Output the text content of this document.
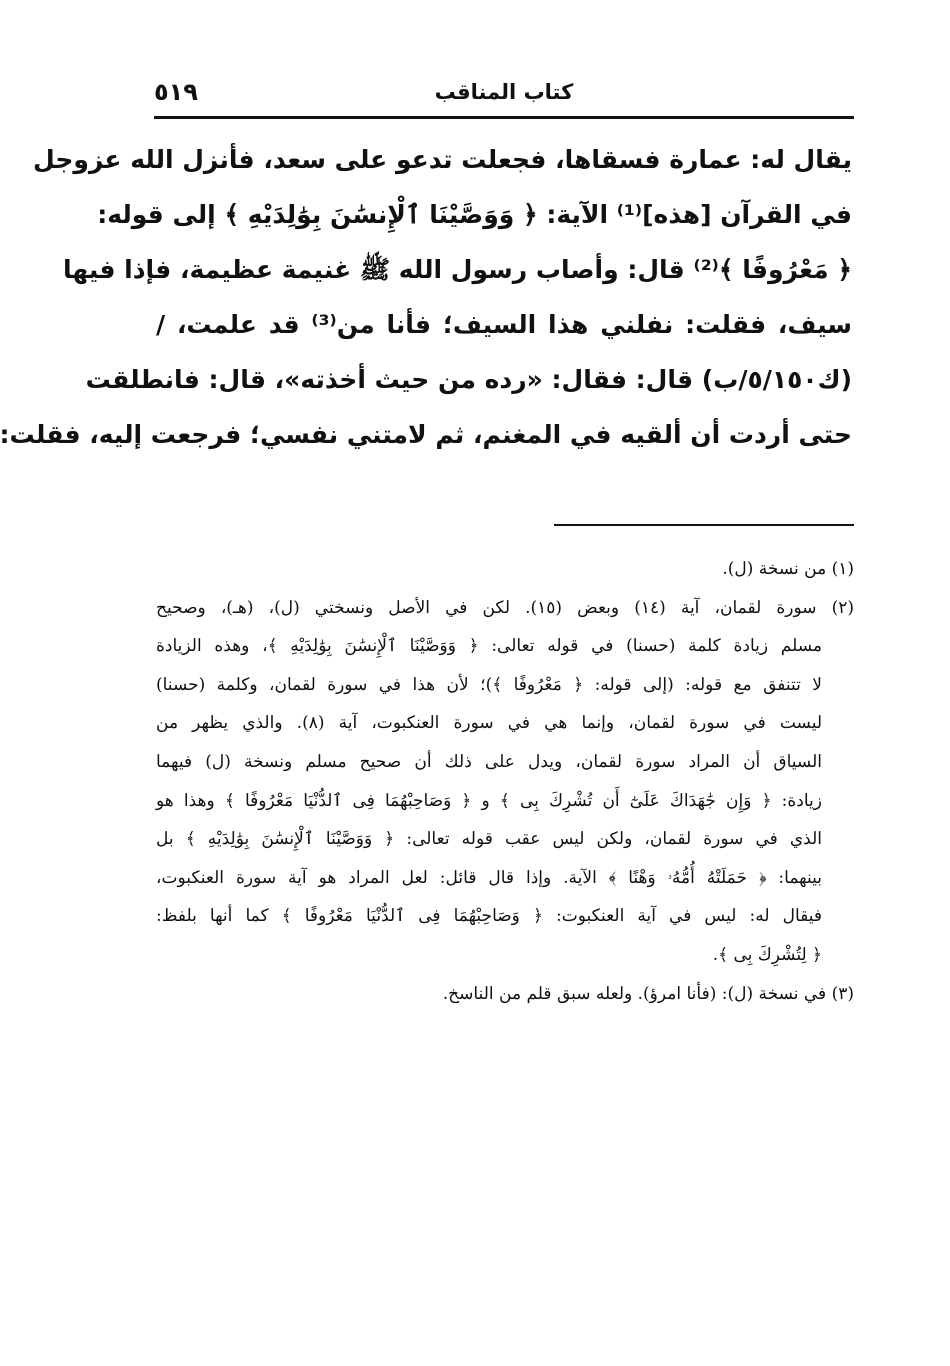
كتاب المناقب
٥١٩
يقال له: عمارة فسقاها، فجعلت تدعو على سعد، فأنزل الله عزوجل
في القرآن [هذه]⁽¹⁾ الآية: ﴿ وَوَصَّيْنَا ٱلْإِنسَٰنَ بِوَٰلِدَيْهِ ﴾ إلى قوله:
﴿ مَعْرُوفًا ﴾⁽²⁾ قال: وأصاب رسول الله ﷺ غنيمة عظيمة، فإذا فيها
سيف، فقلت: نفلني هذا السيف؛ فأنا من⁽³⁾ قد علمت، /
(ك٥/١٥٠/ب) قال: فقال: «رده من حيث أخذته»، قال: فانطلقت
حتى أردت أن ألقيه في المغنم، ثم لامتني نفسي؛ فرجعت إليه، فقلت:
(١) من نسخة (ل).
(٢) سورة لقمان، آية (١٤) وبعض (١٥). لكن في الأصل ونسختي (ل)، (هـ)، وصحيح
مسلم زيادة كلمة (حسنا) في قوله تعالى: ﴿ وَوَصَّيْنَا ٱلْإِنسَٰنَ بِوَٰلِدَيْهِ ﴾، وهذه الزيادة
لا تتنفق مع قوله: (إلى قوله: ﴿ مَعْرُوفًا ﴾)؛ لأن هذا في سورة لقمان، وكلمة (حسنا)
ليست في سورة لقمان، وإنما هي في سورة العنكبوت، آية (٨). والذي يظهر من
السياق أن المراد سورة لقمان، ويدل على ذلك أن صحيح مسلم ونسخة (ل) فيهما
زيادة: ﴿ وَإِن جَٰهَدَاكَ عَلَىٰٓ أَن تُشْرِكَ بِى ﴾ و ﴿ وَصَاحِبْهُمَا فِى ٱلدُّنْيَا مَعْرُوفًا ﴾ وهذا هو
الذي في سورة لقمان، ولكن ليس عقب قوله تعالى: ﴿ وَوَصَّيْنَا ٱلْإِنسَٰنَ بِوَٰلِدَيْهِ ﴾ بل
بينهما: ﴿ حَمَلَتْهُ أُمُّهُۥ وَهْنًا ﴾ الآية. وإذا قال قائل: لعل المراد هو آية سورة العنكبوت،
فيقال له: ليس في آية العنكبوت: ﴿ وَصَاحِبْهُمَا فِى ٱلدُّنْيَا مَعْرُوفًا ﴾ كما أنها بلفظ:
﴿ لِتُشْرِكَ بِى ﴾.
(٣) في نسخة (ل): (فأنا امرؤ). ولعله سبق قلم من الناسخ.
